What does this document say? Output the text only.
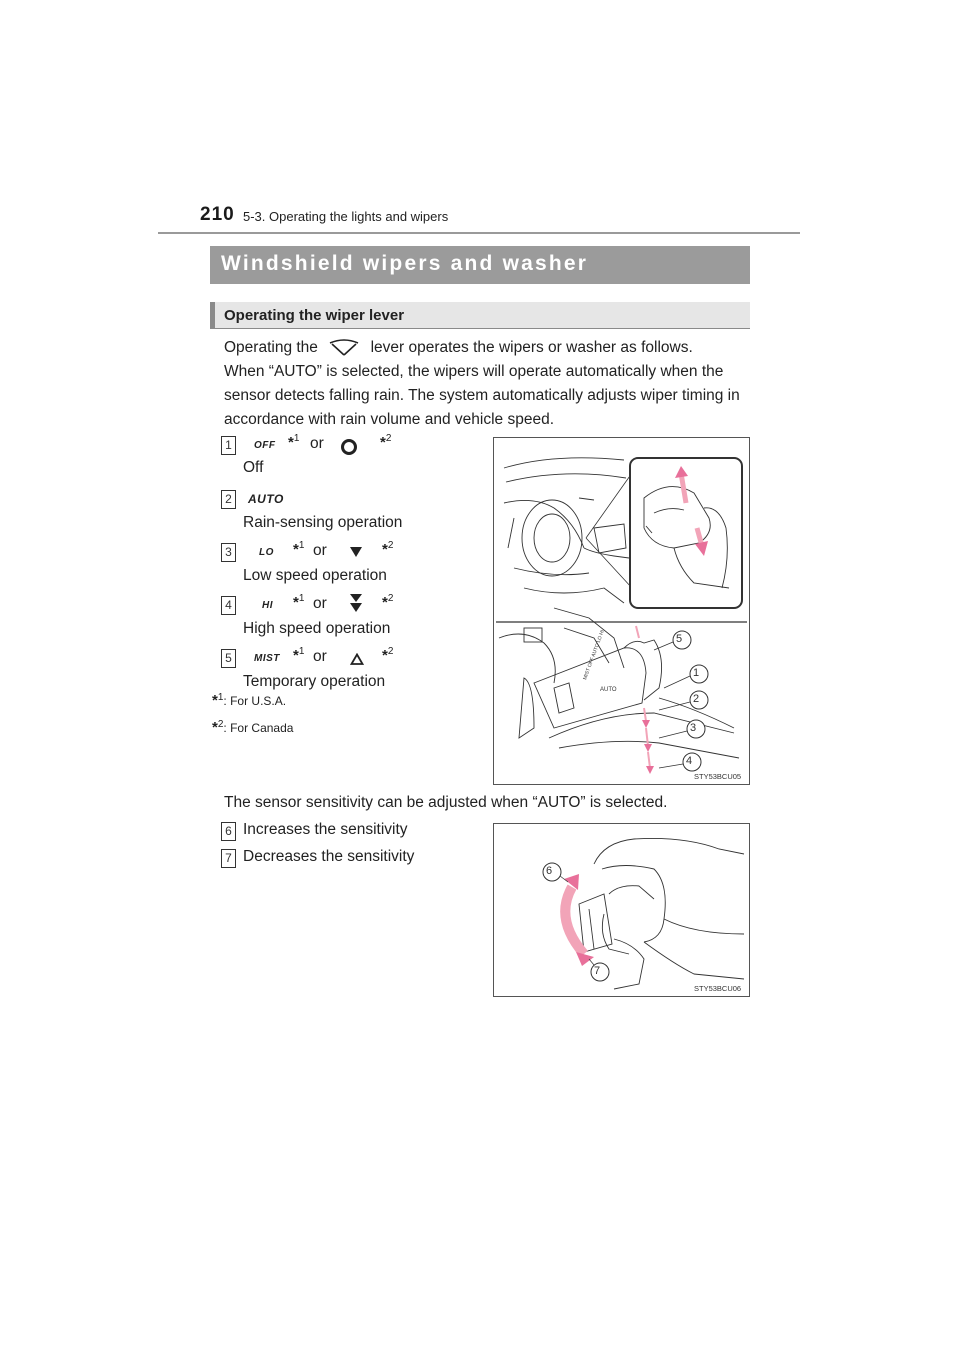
210 5-3. Operating the lights and wipers
Windshield wipers and washer
Operating the wiper lever
Operating the	lever operates the wipers or washer as follows.
When “AUTO” is selected, the wipers will operate automatically when the sensor detects falling rain. The system automatically adjusts wiper timing in accordance with rain volume and vehicle speed.
1	OFF *$^1$ or	*$^2$
Off
2	AUTO
Rain-sensing operation
3	LO *$^1$ or	*$^2$
Low speed operation
4	HI *$^1$ or	*$^2$
High speed operation
5	MIST *$^1$ or	*$^2$
Temporary operation
*$^1$: For U.S.A.
*$^2$: For Canada
MIST OFF AUTO LO HI
AUTO
5
1
2
3
4
STY53BCU05
The sensor sensitivity can be adjusted when “AUTO” is selected.
6 Increases the sensitivity
7 Decreases the sensitivity
6
7
STY53BCU06
